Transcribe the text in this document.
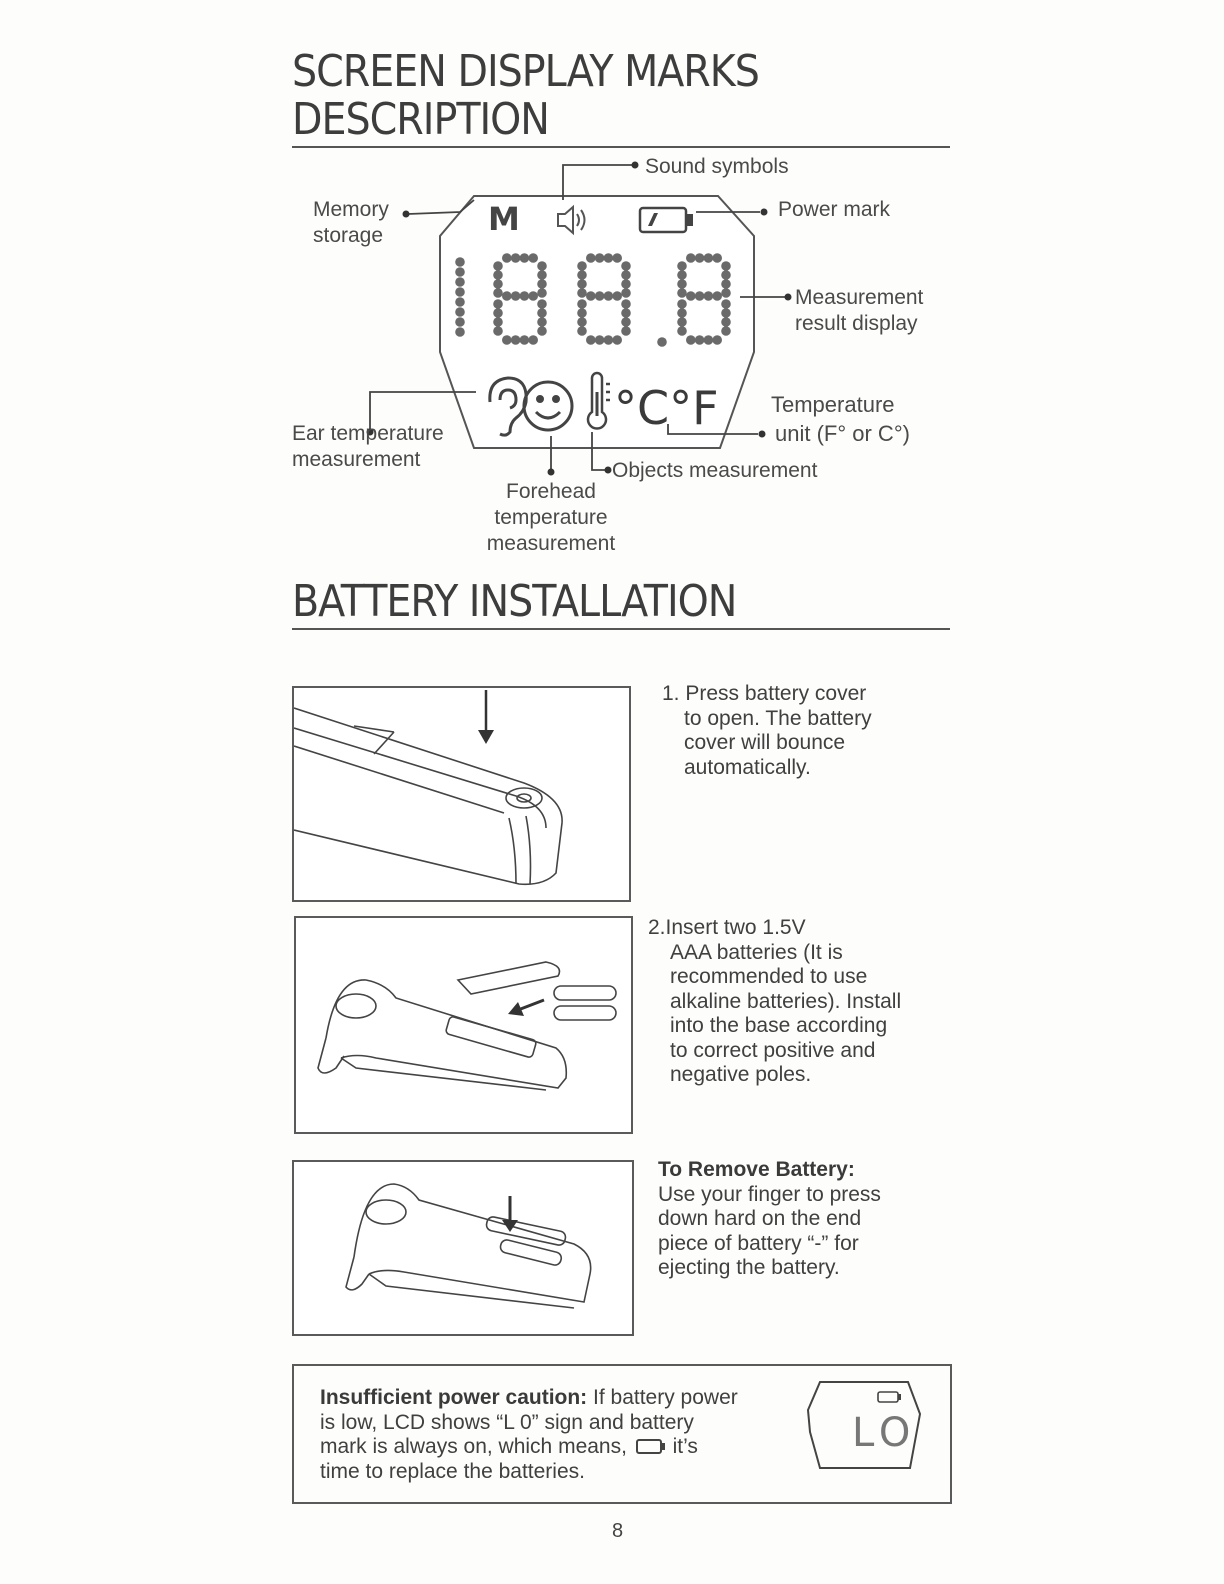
SCREEN DISPLAY MARKS
DESCRIPTION
M
°C°F
Sound symbols
Memory
storage
Power mark
Measurement
result display
Temperature
unit (F° or C°)
Ear temperature
measurement	Objects measurement
Forehead
temperature
measurement
BATTERY INSTALLATION
1. Press battery cover
to open. The battery
cover will bounce
automatically.
2.Insert two 1.5V
AAA batteries (It is
recommended to use
alkaline batteries). Install
into the base according
to correct positive and
negative poles.
To Remove Battery:
Use your finger to press
down hard on the end
piece of battery “-” for
ejecting the battery.
Insufficient power caution: If battery power
is low, LCD shows “L 0” sign and battery
mark is always on, which means,  it’s
time to replace the batteries.
LO
8
